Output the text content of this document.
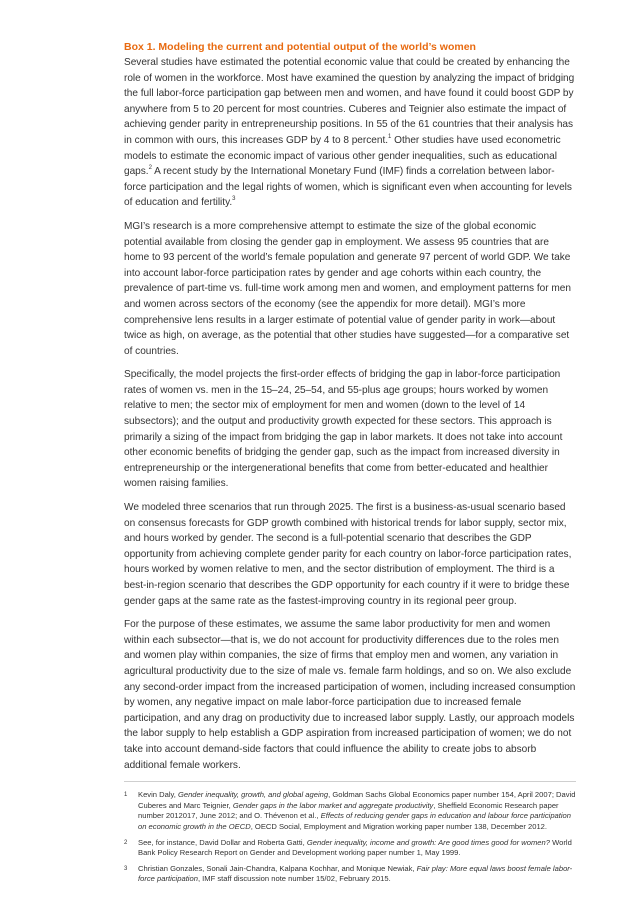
Box 1. Modeling the current and potential output of the world’s women

Several studies have estimated the potential economic value that could be created by enhancing the role of women in the workforce. Most have examined the question by analyzing the impact of bridging the full labor-force participation gap between men and women, and have found it could boost GDP by anywhere from 5 to 20 percent for most countries. Cuberes and Teignier also estimate the impact of achieving gender parity in entrepreneurship positions. In 55 of the 61 countries that their analysis has in common with ours, this increases GDP by 4 to 8 percent.$^1$ Other studies have used econometric models to estimate the economic impact of various other gender inequalities, such as educational gaps.$^2$ A recent study by the International Monetary Fund (IMF) finds a correlation between labor-force participation and the legal rights of women, which is significant even when accounting for levels of education and fertility.$^3$

MGI’s research is a more comprehensive attempt to estimate the size of the global economic potential available from closing the gender gap in employment. We assess 95 countries that are home to 93 percent of the world’s female population and generate 97 percent of world GDP. We take into account labor-force participation rates by gender and age cohorts within each country, the prevalence of part-time vs. full-time work among men and women, and employment patterns for men and women across sectors of the economy (see the appendix for more detail). MGI’s more comprehensive lens results in a larger estimate of potential value of gender parity in work—about twice as high, on average, as the potential that other studies have suggested—for a comparative set of countries.

Specifically, the model projects the first-order effects of bridging the gap in labor-force participation rates of women vs. men in the 15–24, 25–54, and 55-plus age groups; hours worked by women relative to men; the sector mix of employment for men and women (down to the level of 14 subsectors); and the output and productivity growth expected for these sectors. This approach is primarily a sizing of the impact from bridging the gap in labor markets. It does not take into account other economic benefits of bridging the gender gap, such as the impact from increased diversity in entrepreneurship or the intergenerational benefits that come from better-educated and healthier women raising families.

We modeled three scenarios that run through 2025. The first is a business-as-usual scenario based on consensus forecasts for GDP growth combined with historical trends for labor supply, sector mix, and hours worked by gender. The second is a full-potential scenario that describes the GDP opportunity from achieving complete gender parity for each country on labor-force participation rates, hours worked by women relative to men, and the sector distribution of employment. The third is a best-in-region scenario that describes the GDP opportunity for each country if it were to bridge these gender gaps at the same rate as the fastest-improving country in its regional peer group.

For the purpose of these estimates, we assume the same labor productivity for men and women within each subsector—that is, we do not account for productivity differences due to the roles men and women play within companies, the size of firms that employ men and women, any variation in agricultural productivity due to the size of male vs. female farm holdings, and so on. We also exclude any second-order impact from the increased participation of women, including increased consumption by women, any negative impact on male labor-force participation due to increased female participation, and any drag on productivity due to increased labor supply. Lastly, our approach models the labor supply to help establish a GDP aspiration from increased participation of women; we do not take into account demand-side factors that could influence the ability to create jobs to absorb additional female workers.

1 Kevin Daly, Gender inequality, growth, and global ageing, Goldman Sachs Global Economics paper number 154, April 2007; David Cuberes and Marc Teignier, Gender gaps in the labor market and aggregate productivity, Sheffield Economic Research paper number 2012017, June 2012; and O. Thévenon et al., Effects of reducing gender gaps in education and labour force participation on economic growth in the OECD, OECD Social, Employment and Migration working paper number 138, December 2012.

2 See, for instance, David Dollar and Roberta Gatti, Gender inequality, income and growth: Are good times good for women? World Bank Policy Research Report on Gender and Development working paper number 1, May 1999.

3 Christian Gonzales, Sonali Jain-Chandra, Kalpana Kochhar, and Monique Newiak, Fair play: More equal laws boost female labor-force participation, IMF staff discussion note number 15/02, February 2015.
